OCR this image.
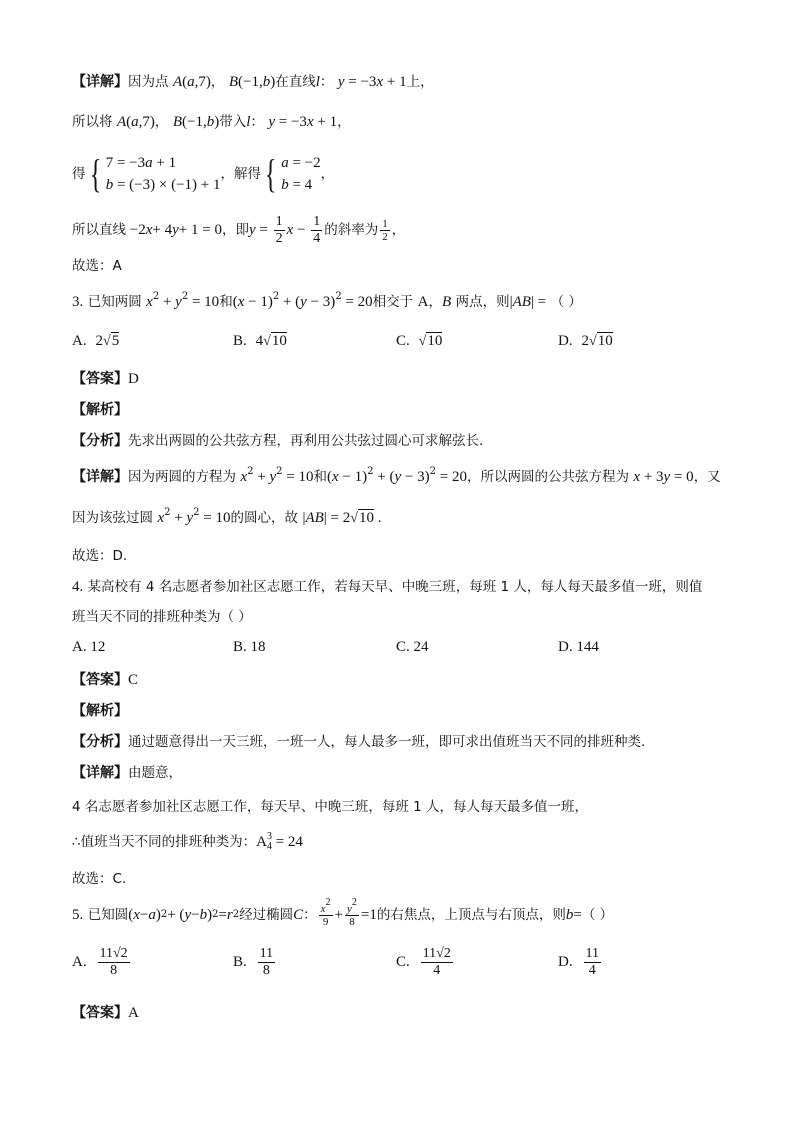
【详解】因为点 A(a,7)， B(−1,b)在直线l： y = −3x + 1上，
所以将 A(a,7)， B(−1,b)带入l： y = −3x + 1，
得 { 7 = −3a + 1
b = (−3) × (−1) + 1
，解得 { a = −2
b = 4
，
所以直线 −2 x + 4 y + 1 = 0 ，即 $y = \frac{1}{2}$ $x - \frac{1}{4}$ 的斜率为 $\frac{1}{2}$ ，
故选：A
3. 已知两圆 $x^2 + y^2 = 10$和$(x - 1)^2 + (y - 3)^2 = 20$相交于 A，B 两点，则|AB| = （ ）
A. 2√5	B. 4√10	C. √10	D. 2√10
【答案】D
【解析】
【分析】先求出两圆的公共弦方程，再利用公共弦过圆心可求解弦长.
【详解】因为两圆的方程为 $x^2 + y^2 = 10$和$(x - 1)^2 + (y - 3)^2 = 20$，所以两圆的公共弦方程为 x + 3y = 0，又
因为该弦过圆 $x^2 + y^2 = 10$的圆心，故 |AB| = 2√10 .
故选：D.
4. 某高校有 4 名志愿者参加社区志愿工作，若每天早、中晚三班，每班 1 人，每人每天最多值一班，则值
班当天不同的排班种类为（ ）
A. 12	B. 18	C. 24	D. 144
【答案】C
【解析】
【分析】通过题意得出一天三班，一班一人，每人最多一班，即可求出值班当天不同的排班种类.
【详解】由题意，
4 名志愿者参加社区志愿工作，每天早、中晚三班，每班 1 人，每人每天最多值一班，
∴值班当天不同的排班种类为：A 3
4 = 24
故选：C.
5.
已知圆 ( x − a ) 2 + ( y − b ) 2 = r 2 经过椭圆 C ： $\frac{x^2}{9} + \frac{y^2}{8} =1$ 的右焦点，上顶点与右顶点，则 b = （ ）
A.
$\frac{11√2}{8}$	B.
$\frac{11}{8}$	C.
$\frac{11√2}{4}$	D.
$\frac{11}{4}$
【答案】A
